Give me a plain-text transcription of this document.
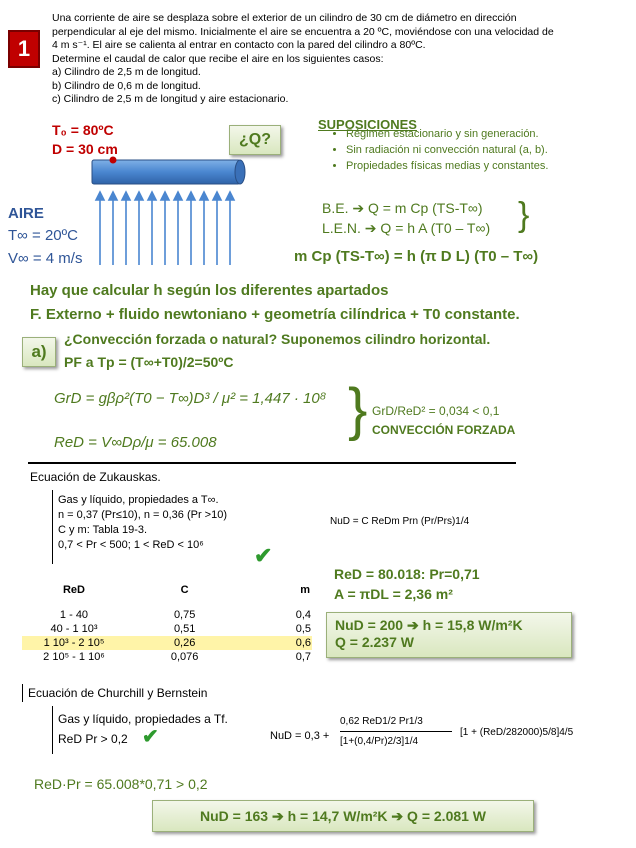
1
Una corriente de aire se desplaza sobre el exterior de un cilindro de 30 cm de diámetro en dirección
perpendicular al eje del mismo. Inicialmente el aire se encuentra a 20 ºC, moviéndose con una velocidad de
4 m s⁻¹. El aire se calienta al entrar en contacto con la pared del cilindro a 80ºC.
Determine el caudal de calor que recibe el aire en los siguientes casos:
a) Cilindro de 2,5 m de longitud.
b) Cilindro de 0,6 m de longitud.
c) Cilindro de 2,5 m de longitud y aire estacionario.
T₀ = 80ºC
D = 30 cm
¿Q?
AIRE
T∞ = 20ºC
V∞ = 4 m/s
SUPOSICIONES
• Régimen estacionario y sin generación.
• Sin radiación ni convección natural (a, b).
• Propiedades físicas medias y constantes.
B.E. ➔ Q = m Cp (TS-T∞)
L.E.N. ➔ Q = h A (T0 – T∞) }
m Cp (TS-T∞) = h (π D L) (T0 – T∞)
Hay que calcular h según los diferentes apartados
F. Externo + fluido newtoniano + geometría cilíndrica + T0 constante.
a)
¿Convección forzada o natural? Suponemos cilindro horizontal.
PF a Tp = (T∞+T0)/2=50ºC
GrD = gβρ²(T0 − T∞)D³ / μ² = 1,447 · 10⁸
ReD = V∞Dρ/μ = 65.008
} GrD/ReD² = 0,034 < 0,1
CONVECCIÓN FORZADA
Ecuación de Zukauskas.
Gas y líquido, propiedades a T∞.
n = 0,37 (Pr≤10), n = 0,36 (Pr >10)
C y m: Tabla 19-3.
0,7 < Pr < 500; 1 < ReD < 10⁶	✔
NuD = C ReDm Prn (Pr/Prs)1/4
ReD	C	m

1 - 40	0,75	0,4
40 - 1 10³	0,51	0,5
1 10³ - 2 10⁵	0,26	0,6
2 10⁵ - 1 10⁶	0,076	0,7
ReD = 80.018: Pr=0,71
A = πDL = 2,36 m²
NuD = 200 ➔ h = 15,8 W/m²K
Q = 2.237 W
Ecuación de Churchill y Bernstein
Gas y líquido, propiedades a Tf.
ReD Pr > 0,2 ✔	NuD = 0,3 +
0,62 ReD1/2 Pr1/3
[1+(0,4/Pr)2/3]1/4
[1 + (ReD/282000)5/8]4/5
ReD·Pr = 65.008*0,71 > 0,2
NuD = 163 ➔ h = 14,7 W/m²K ➔ Q = 2.081 W
